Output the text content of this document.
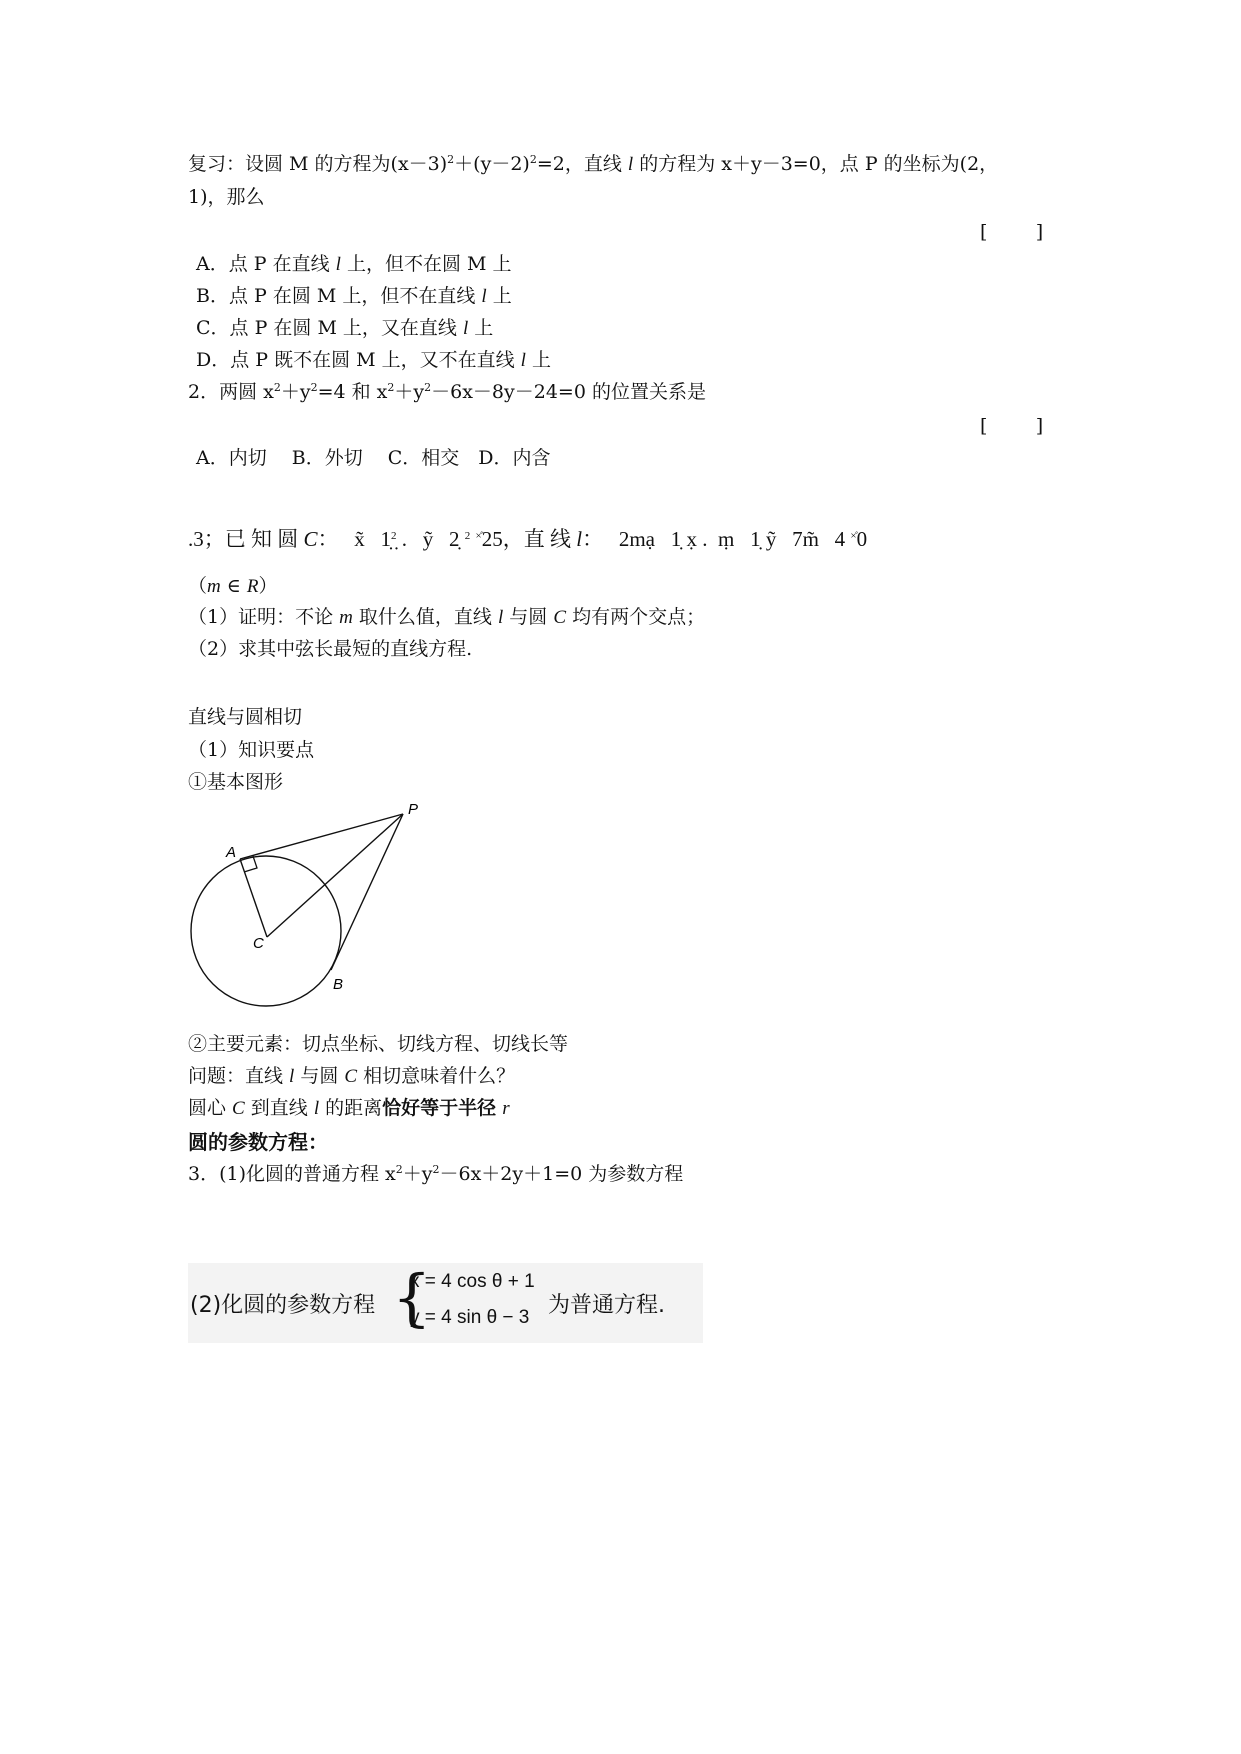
复习：设圆 M 的方程为$(x-3)^2+(y-2)^2=2$，直线 l 的方程为 x＋y－3=0，点 P 的坐标为(2，
1)，那么
[        ]
A．点 P 在直线 l 上，但不在圆 M 上
B．点 P 在圆 M 上，但不在直线 l 上
C．点 P 在圆 M 上，又在直线 l 上
D．点 P 既不在圆 M 上，又不在直线 l 上
2．两圆 $x^2+y^2=4$ 和 $x^2+y^2-6x-8y-24=0$ 的位置关系是
[        ]
A．内切　 B．外切　 C．相交　D．内含
.3；已 知 圆 C：   x̃   1̣$^2$̣ .   ỹ   2̣ $^2$ ×̊25，直 线 l：   2mạ   1̣ x̣ .  ṃ   1̣ ỹ   7m̃   4 ×̊0
（m ∈ R）
（1）证明：不论 m 取什么值，直线 l 与圆 C 均有两个交点；
（2）求其中弦长最短的直线方程.
直线与圆相切
（1）知识要点
①基本图形
A
P
C
B
②主要元素：切点坐标、切线方程、切线长等
问题：直线 l 与圆 C 相切意味着什么？
圆心 C 到直线 l 的距离恰好等于半径 r
圆的参数方程：
3．(1)化圆的普通方程 $x^2+y^2-6x+2y+1=0$ 为参数方程
(2)化圆的参数方程 {
x = 4 cos θ + 1
y = 4 sin θ − 3 为普通方程.
